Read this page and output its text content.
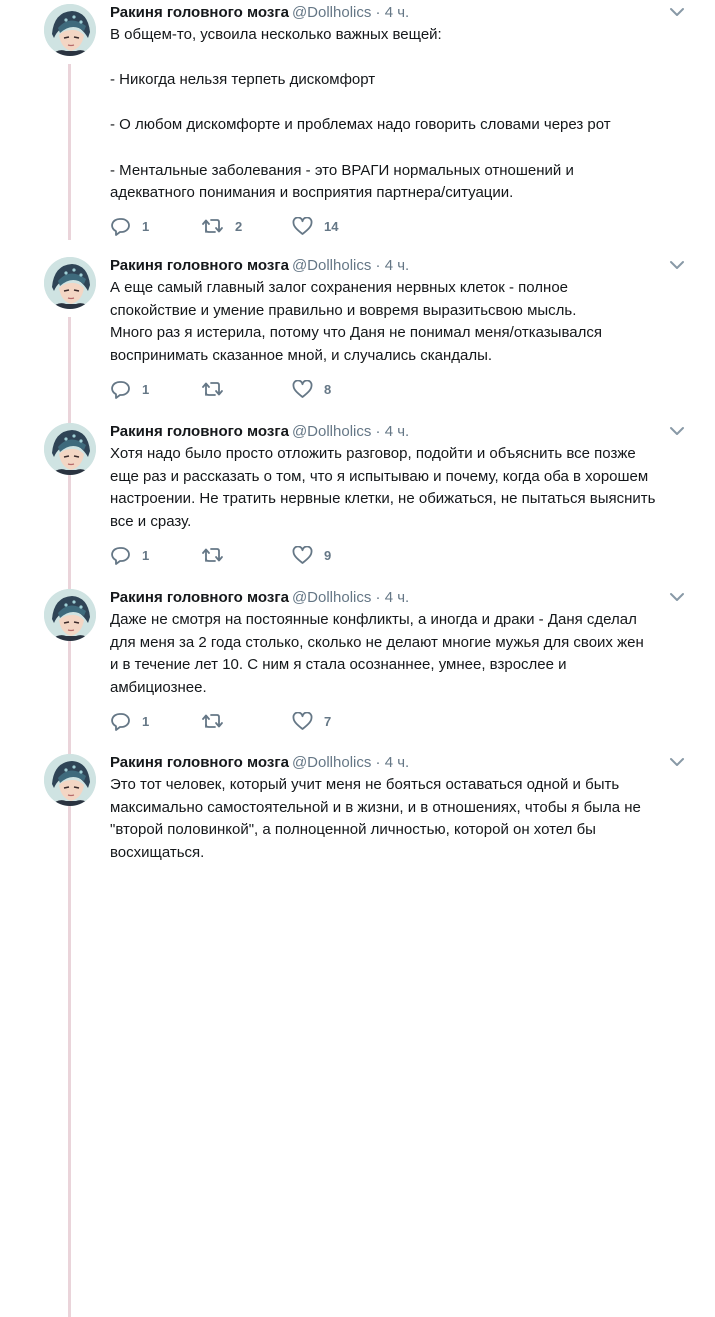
Ракиня головного мозга @Dollholics · 4 ч.

В общем-то, усвоила несколько важных вещей:

- Никогда нельзя терпеть дискомфорт

- О любом дискомфорте и проблемах надо говорить словами через рот

- Ментальные заболевания - это ВРАГИ нормальных отношений и

адекватного понимания и восприятия партнера/ситуации.

1	2	14
Ракиня головного мозга @Dollholics · 4 ч.

А еще самый главный залог сохранения нервных клеток - полное

спокойствие и умение правильно и вовремя выразитьсвою мысль.

Много раз я истерила, потому что Даня не понимал меня/отказывался

воспринимать сказанное мной, и случались скандалы.

1	8
Ракиня головного мозга @Dollholics · 4 ч.

Хотя надо было просто отложить разговор, подойти и объяснить все позже

еще раз и рассказать о том, что я испытываю и почему, когда оба в хорошем

настроении. Не тратить нервные клетки, не обижаться, не пытаться выяснить

все и сразу.

1	9
Ракиня головного мозга @Dollholics · 4 ч.

Даже не смотря на постоянные конфликты, а иногда и драки - Даня сделал

для меня за 2 года столько, сколько не делают многие мужья для своих жен

и в течение лет 10. С ним я стала осознаннее, умнее, взрослее и

амбициознее.

1	7
Ракиня головного мозга @Dollholics · 4 ч.

Это тот человек, который учит меня не бояться оставаться одной и быть

максимально самостоятельной и в жизни, и в отношениях, чтобы я была не

"второй половинкой", а полноценной личностью, которой он хотел бы

восхищаться.
